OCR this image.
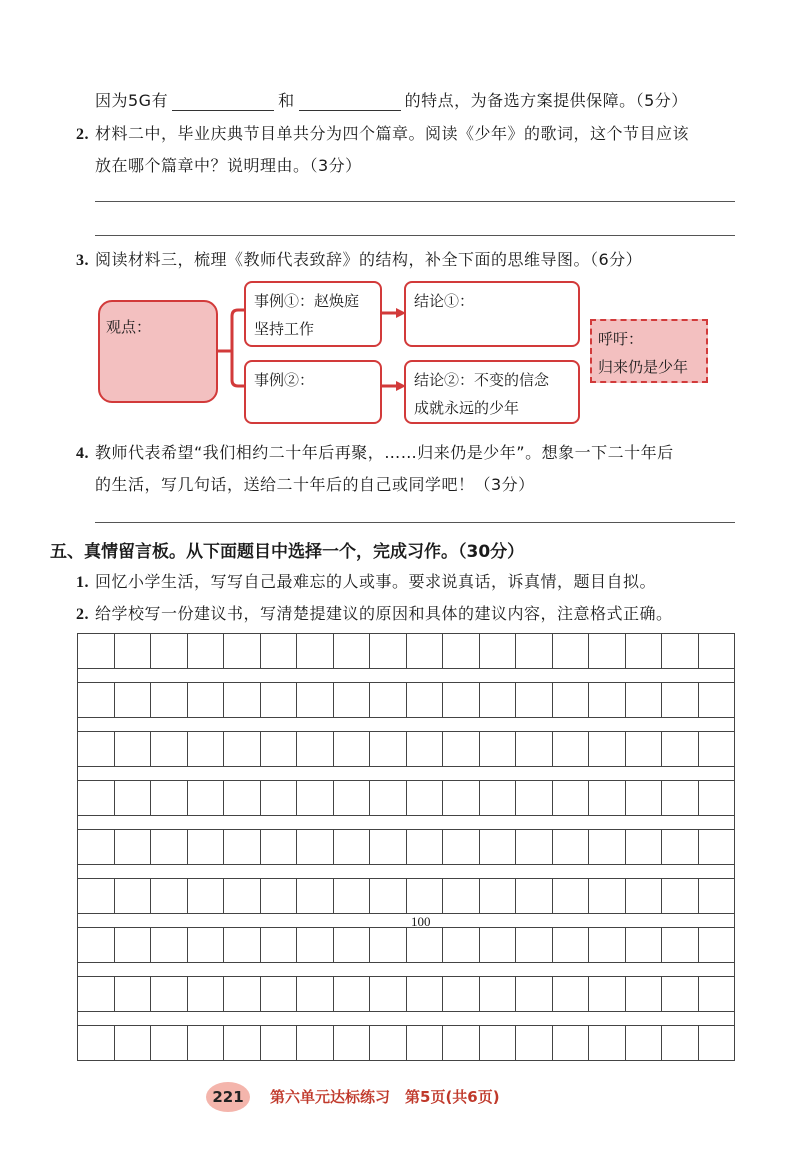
因为5G有	和	的特点，为备选方案提供保障。（5分）
2. 材料二中，毕业庆典节目单共分为四个篇章。阅读《少年》的歌词，这个节目应该
放在哪个篇章中？说明理由。（3分）
3. 阅读材料三，梳理《教师代表致辞》的结构，补全下面的思维导图。（6分）
观点：
事例①：赵焕庭
坚持工作
结论①：
事例②：	结论②：不变的信念
成就永远的少年
呼吁：
归来仍是少年
4. 教师代表希望“我们相约二十年后再聚，……归来仍是少年”。想象一下二十年后
的生活，写几句话，送给二十年后的自己或同学吧！（3分）
五、真情留言板。从下面题目中选择一个，完成习作。（30分）
1. 回忆小学生活，写写自己最难忘的人或事。要求说真话，诉真情，题目自拟。
2. 给学校写一份建议书，写清楚提建议的原因和具体的建议内容，注意格式正确。
100
221	第六单元达标练习　第5页(共6页)
